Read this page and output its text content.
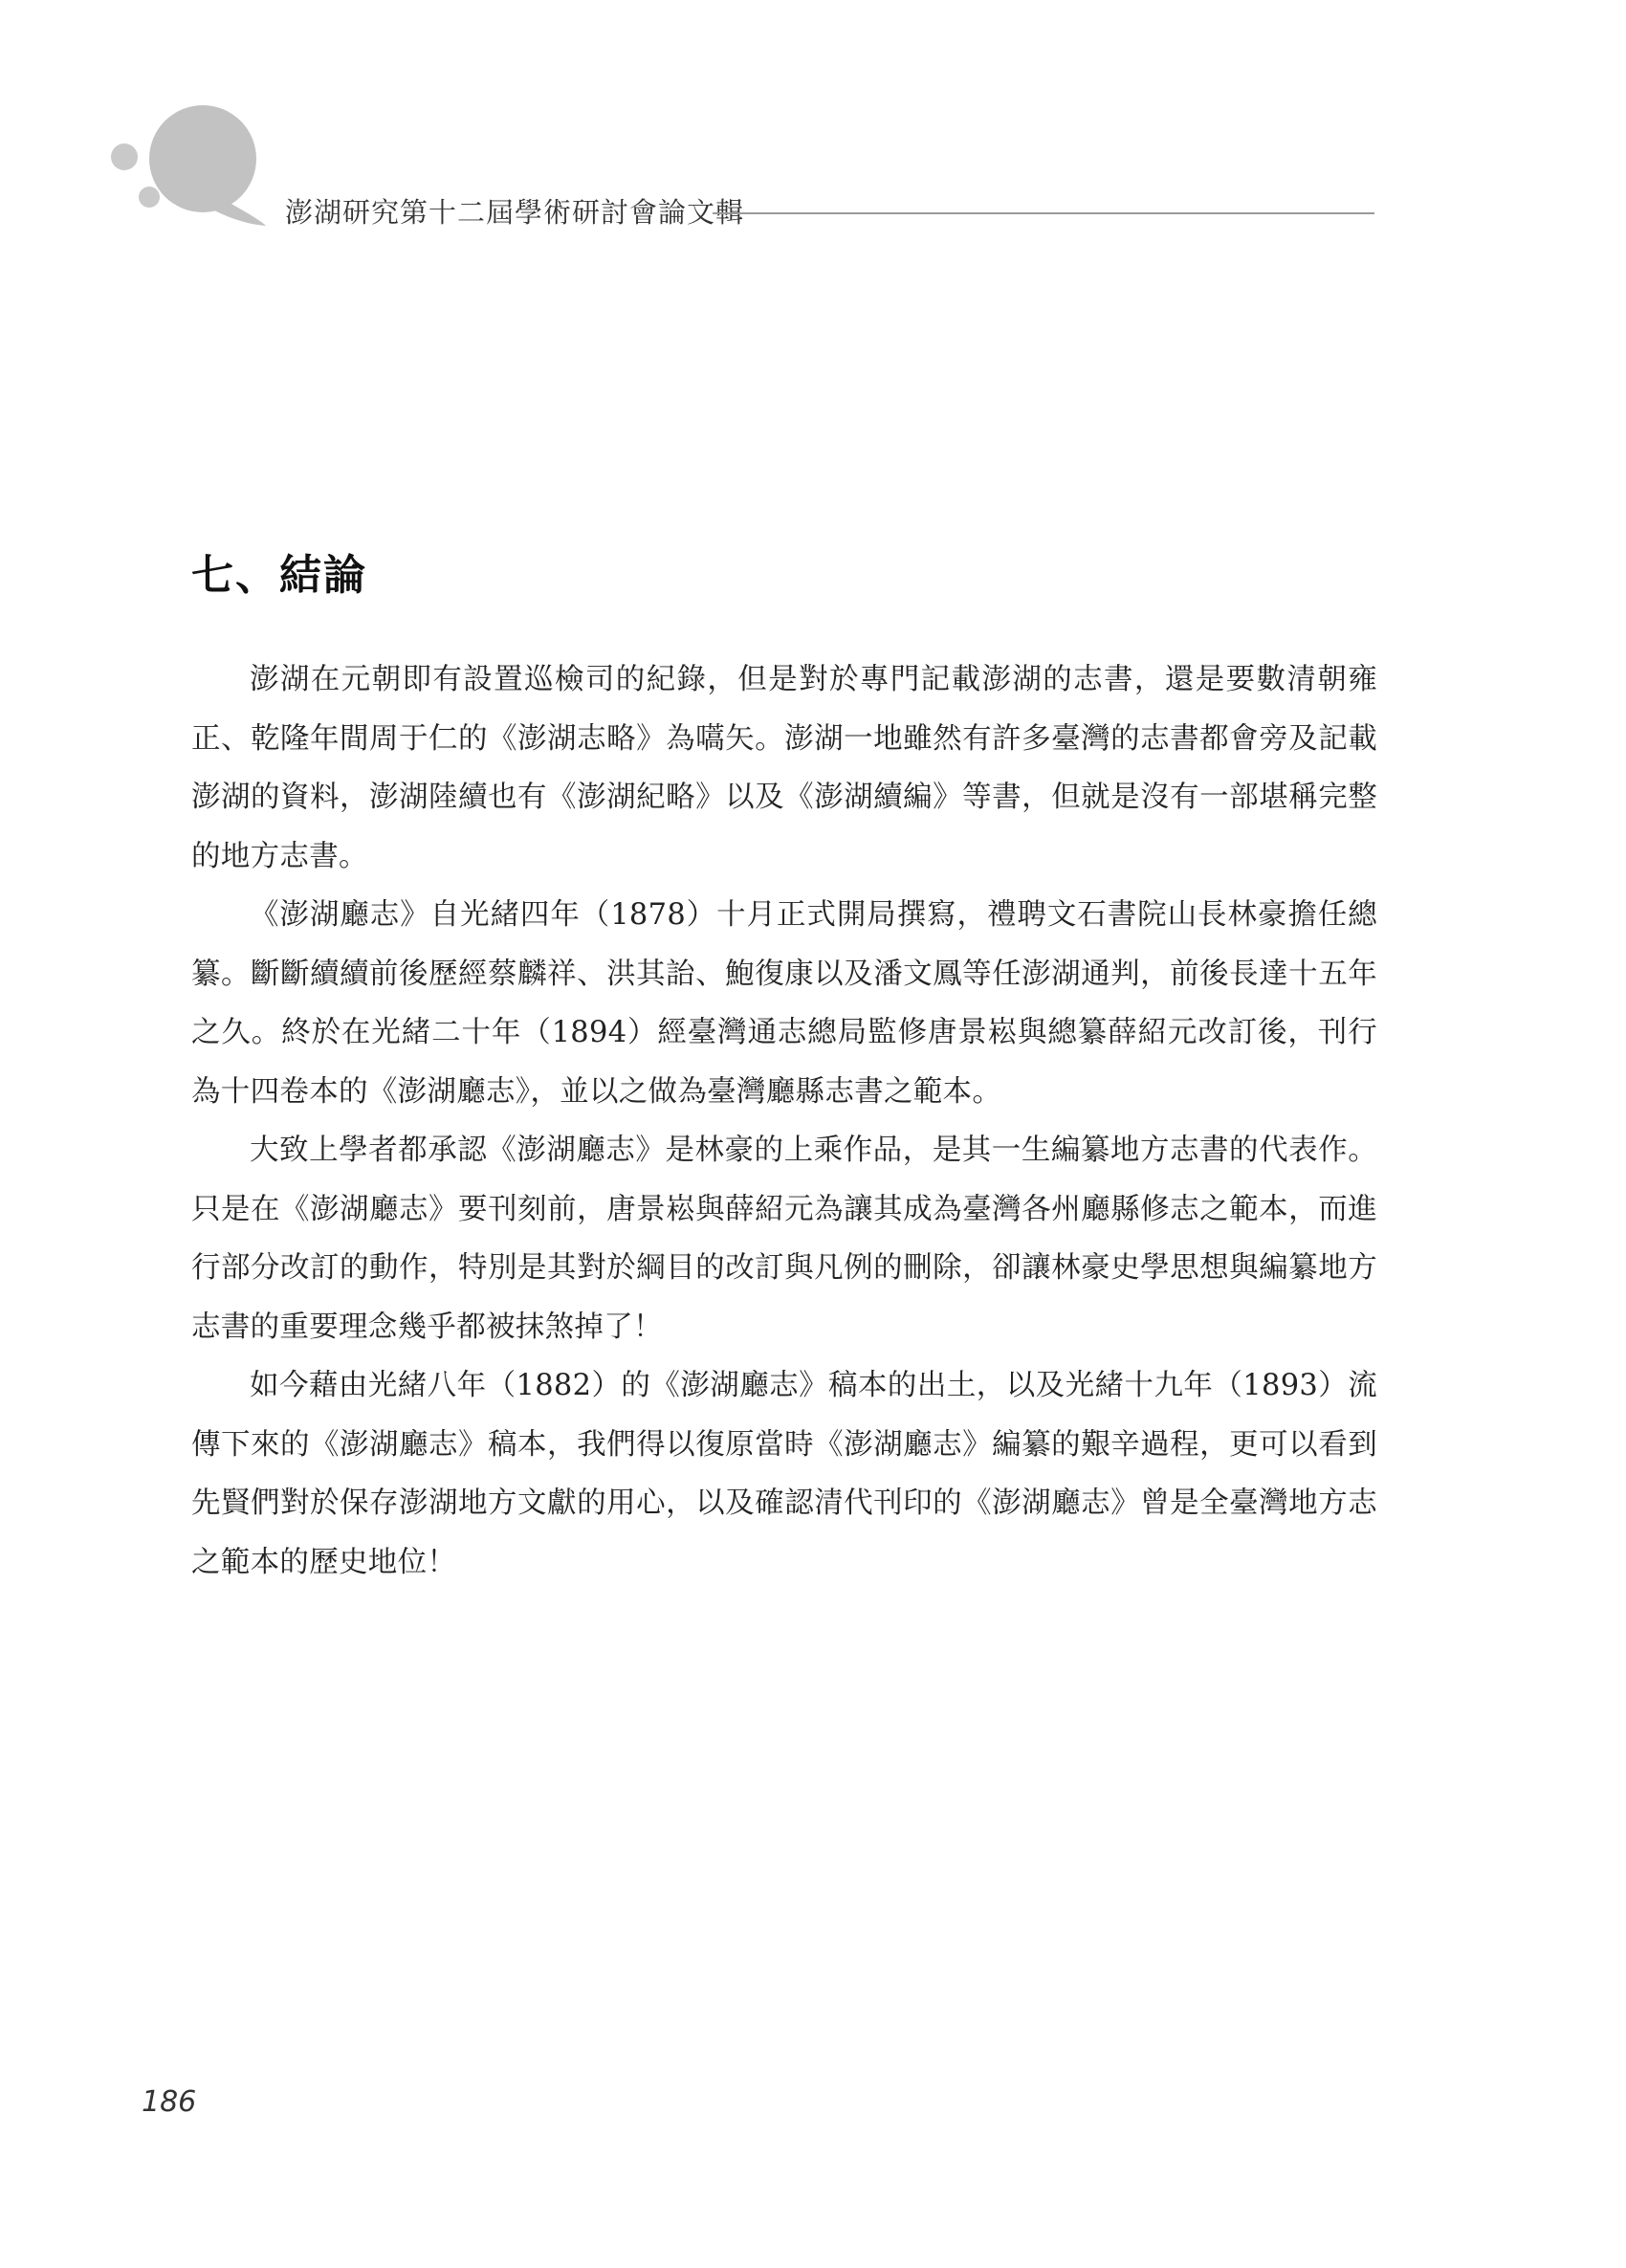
澎湖研究第十二屆學術研討會論文輯
七、結論

澎湖在元朝即有設置巡檢司的紀錄，但是對於專門記載澎湖的志書，還是要數清朝雍正、乾隆年間周于仁的《澎湖志略》為嚆矢。澎湖一地雖然有許多臺灣的志書都會旁及記載澎湖的資料，澎湖陸續也有《澎湖紀略》以及《澎湖續編》等書，但就是沒有一部堪稱完整的地方志書。

《澎湖廳志》自光緒四年（1878）十月正式開局撰寫，禮聘文石書院山長林豪擔任總纂。斷斷續續前後歷經蔡麟祥、洪其詒、鮑復康以及潘文鳳等任澎湖通判，前後長達十五年之久。終於在光緒二十年（1894）經臺灣通志總局監修唐景崧與總纂薛紹元改訂後，刊行為十四卷本的《澎湖廳志》，並以之做為臺灣廳縣志書之範本。

大致上學者都承認《澎湖廳志》是林豪的上乘作品，是其一生編纂地方志書的代表作。只是在《澎湖廳志》要刊刻前，唐景崧與薛紹元為讓其成為臺灣各州廳縣修志之範本，而進行部分改訂的動作，特別是其對於綱目的改訂與凡例的刪除，卻讓林豪史學思想與編纂地方志書的重要理念幾乎都被抹煞掉了！

如今藉由光緒八年（1882）的《澎湖廳志》稿本的出土，以及光緒十九年（1893）流傳下來的《澎湖廳志》稿本，我們得以復原當時《澎湖廳志》編纂的艱辛過程，更可以看到先賢們對於保存澎湖地方文獻的用心，以及確認清代刊印的《澎湖廳志》曾是全臺灣地方志之範本的歷史地位！

186
